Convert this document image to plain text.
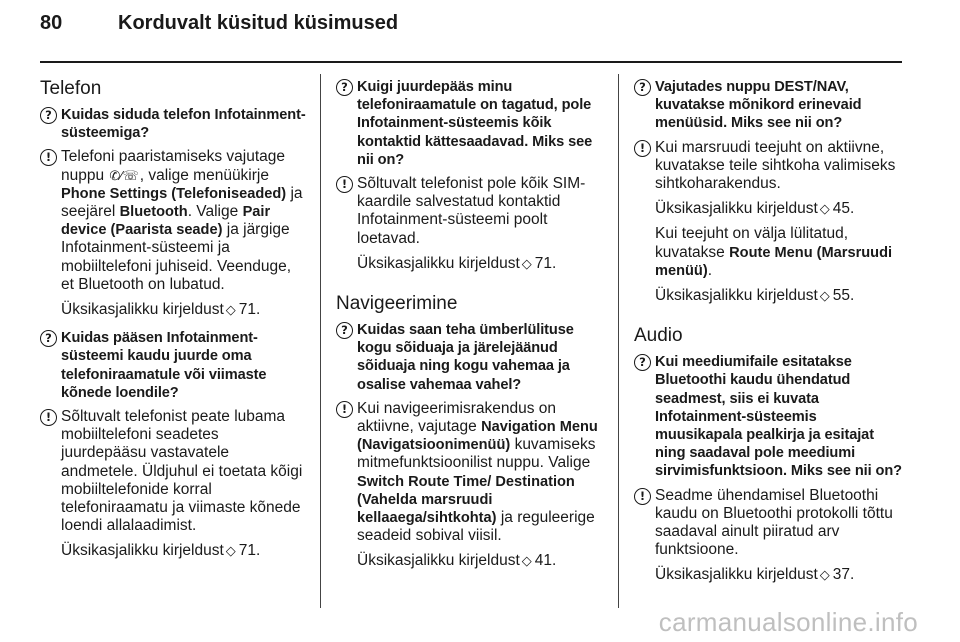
80	Korduvalt küsitud küsimused
Telefon
? Kuidas siduda telefon Infotainment-süsteemiga?
! Telefoni paaristamiseks vajutage nuppu ✆⁄☏, valige menüükirje Phone Settings (Telefoniseaded) ja seejärel Bluetooth. Valige Pair device (Paarista seade) ja järgige Infotainment-süsteemi ja mobiiltelefoni juhiseid. Veenduge, et Bluetooth on lubatud.

Üksikasjalikku kirjeldust ◇ 71.

? Kuidas pääsen Infotainment-süsteemi kaudu juurde oma telefoniraamatule või viimaste kõnede loendile?
! Sõltuvalt telefonist peate lubama mobiiltelefoni seadetes juurdepääsu vastavatele andmetele. Üldjuhul ei toetata kõigi mobiiltelefonide korral telefoniraamatu ja viimaste kõnede loendi allalaadimist.

Üksikasjalikku kirjeldust ◇ 71.

? Kuigi juurdepääs minu telefoniraamatule on tagatud, pole Infotainment-süsteemis kõik kontaktid kättesaadavad. Miks see nii on?
! Sõltuvalt telefonist pole kõik SIM-kaardile salvestatud kontaktid Infotainment-süsteemi poolt loetavad.

Üksikasjalikku kirjeldust ◇ 71.

Navigeerimine
? Kuidas saan teha ümberlülituse kogu sõiduaja ja järelejäänud sõiduaja ning kogu vahemaa ja osalise vahemaa vahel?
! Kui navigeerimisrakendus on aktiivne, vajutage Navigation Menu (Navigatsioonimenüü) kuvamiseks mitmefunktsioonilist nuppu. Valige Switch Route Time/ Destination (Vahelda marsruudi kellaaega/sihtkohta) ja reguleerige seadeid sobival viisil.

Üksikasjalikku kirjeldust ◇ 41.

? Vajutades nuppu DEST/NAV, kuvatakse mõnikord erinevaid menüüsid. Miks see nii on?
! Kui marsruudi teejuht on aktiivne, kuvatakse teile sihtkoha valimiseks sihtkoharakendus.

Üksikasjalikku kirjeldust ◇ 45.

Kui teejuht on välja lülitatud, kuvatakse Route Menu (Marsruudi menüü).

Üksikasjalikku kirjeldust ◇ 55.

Audio
? Kui meediumifaile esitatakse Bluetoothi kaudu ühendatud seadmest, siis ei kuvata Infotainment-süsteemis muusikapala pealkirja ja esitajat ning saadaval pole meediumi sirvimisfunktsioon. Miks see nii on?
! Seadme ühendamisel Bluetoothi kaudu on Bluetoothi protokolli tõttu saadaval ainult piiratud arv funktsioone.

Üksikasjalikku kirjeldust ◇ 37.

carmanualsonline.info
